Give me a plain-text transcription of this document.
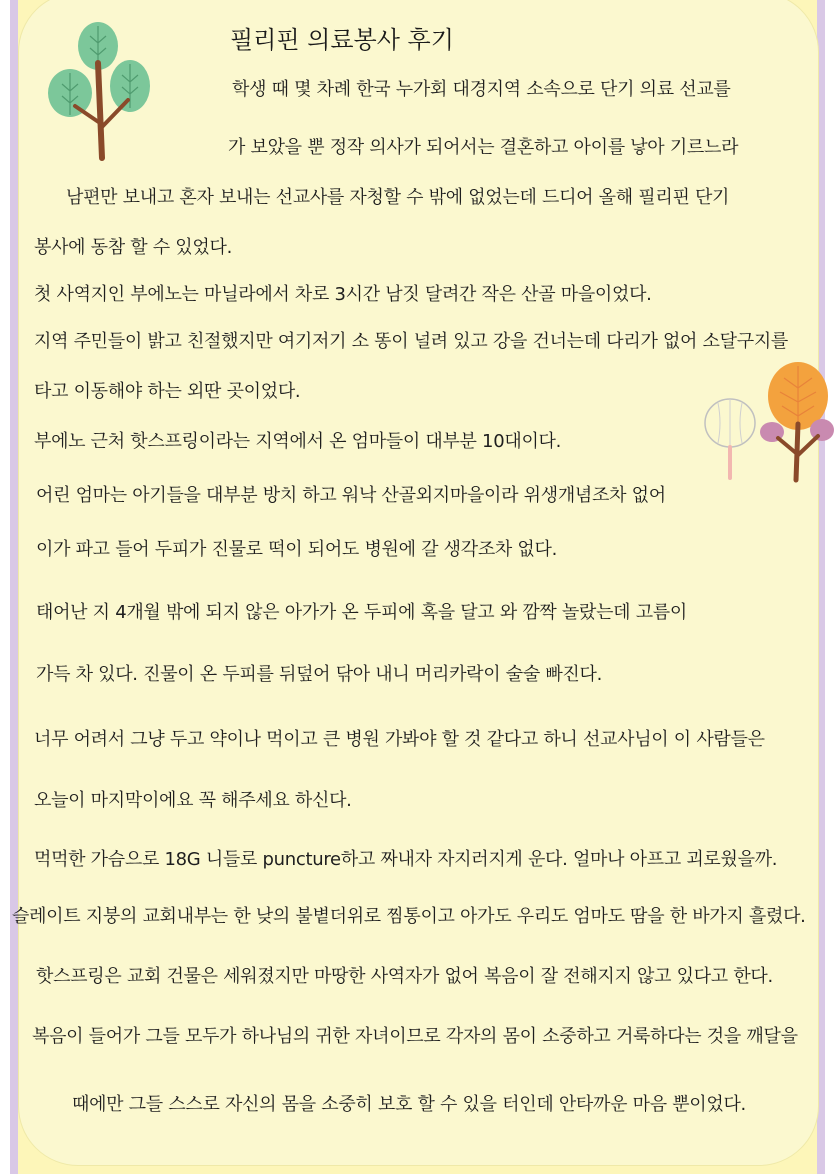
필리핀 의료봉사 후기
학생 때 몇 차례 한국 누가회 대경지역 소속으로 단기 의료 선교를
가 보았을 뿐 정작 의사가 되어서는 결혼하고 아이를 낳아 기르느라
남편만 보내고 혼자 보내는 선교사를 자청할 수 밖에 없었는데 드디어 올해 필리핀 단기
봉사에 동참 할 수 있었다.
첫 사역지인 부에노는 마닐라에서 차로 3시간 남짓 달려간 작은 산골 마을이었다.
지역 주민들이 밝고 친절했지만 여기저기 소 똥이 널려 있고 강을 건너는데 다리가 없어 소달구지를
타고 이동해야 하는 외딴 곳이었다.
부에노 근처 핫스프링이라는 지역에서 온 엄마들이 대부분 10대이다.
어린 엄마는 아기들을 대부분 방치 하고 워낙 산골외지마을이라 위생개념조차 없어
이가 파고 들어 두피가 진물로 떡이 되어도 병원에 갈 생각조차 없다.
태어난 지 4개월 밖에 되지 않은 아가가 온 두피에 혹을 달고 와 깜짝 놀랐는데 고름이
가득 차 있다. 진물이 온 두피를 뒤덮어 닦아 내니 머리카락이 술술 빠진다.
너무 어려서 그냥 두고 약이나 먹이고 큰 병원 가봐야 할 것 같다고 하니 선교사님이 이 사람들은
오늘이 마지막이에요 꼭 해주세요 하신다.
먹먹한 가슴으로 18G 니들로 puncture하고 짜내자 자지러지게 운다. 얼마나 아프고 괴로웠을까.
슬레이트 지붕의 교회내부는 한 낮의 불볕더위로 찜통이고 아가도 우리도 엄마도 땀을 한 바가지 흘렸다.
핫스프링은 교회 건물은 세워졌지만 마땅한 사역자가 없어 복음이 잘 전해지지 않고 있다고 한다.
복음이 들어가 그들 모두가 하나님의 귀한 자녀이므로 각자의 몸이 소중하고 거룩하다는 것을 깨달을
때에만 그들 스스로 자신의 몸을 소중히 보호 할 수 있을 터인데 안타까운 마음 뿐이었다.
